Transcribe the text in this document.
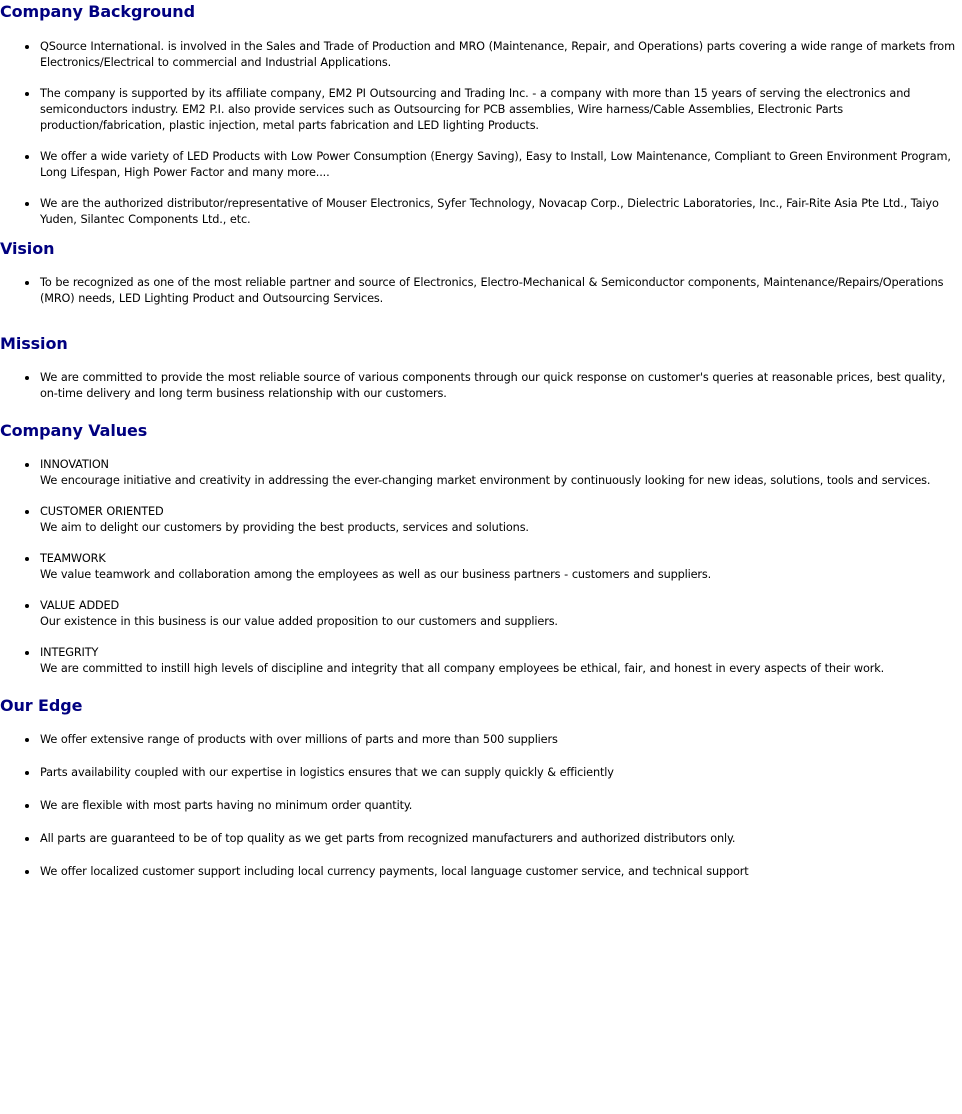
Company Background
QSource International. is involved in the Sales and Trade of Production and MRO (Maintenance, Repair, and Operations) parts covering a wide range of markets from Electronics/Electrical to commercial and Industrial Applications.
The company is supported by its affiliate company, EM2 PI Outsourcing and Trading Inc. - a company with more than 15 years of serving the electronics and semiconductors industry. EM2 P.I. also provide services such as Outsourcing for PCB assemblies, Wire harness/Cable Assemblies, Electronic Parts production/fabrication, plastic injection, metal parts fabrication and LED lighting Products.
We offer a wide variety of LED Products with Low Power Consumption (Energy Saving), Easy to Install, Low Maintenance, Compliant to Green Environment Program, Long Lifespan, High Power Factor and many more....
We are the authorized distributor/representative of Mouser Electronics, Syfer Technology, Novacap Corp., Dielectric Laboratories, Inc., Fair-Rite Asia Pte Ltd., Taiyo Yuden, Silantec Components Ltd., etc.
Vision
To be recognized as one of the most reliable partner and source of Electronics, Electro-Mechanical & Semiconductor components, Maintenance/Repairs/Operations (MRO) needs, LED Lighting Product and Outsourcing Services.
Mission
We are committed to provide the most reliable source of various components through our quick response on customer's queries at reasonable prices, best quality, on-time delivery and long term business relationship with our customers.
Company Values
INNOVATION
We encourage initiative and creativity in addressing the ever-changing market environment by continuously looking for new ideas, solutions, tools and services.
CUSTOMER ORIENTED
We aim to delight our customers by providing the best products, services and solutions.
TEAMWORK
We value teamwork and collaboration among the employees as well as our business partners - customers and suppliers.
VALUE ADDED
Our existence in this business is our value added proposition to our customers and suppliers.
INTEGRITY
We are committed to instill high levels of discipline and integrity that all company employees be ethical, fair, and honest in every aspects of their work.
Our Edge
We offer extensive range of products with over millions of parts and more than 500 suppliers
Parts availability coupled with our expertise in logistics ensures that we can supply quickly & efficiently
We are flexible with most parts having no minimum order quantity.
All parts are guaranteed to be of top quality as we get parts from recognized manufacturers and authorized distributors only.
We offer localized customer support including local currency payments, local language customer service, and technical support
